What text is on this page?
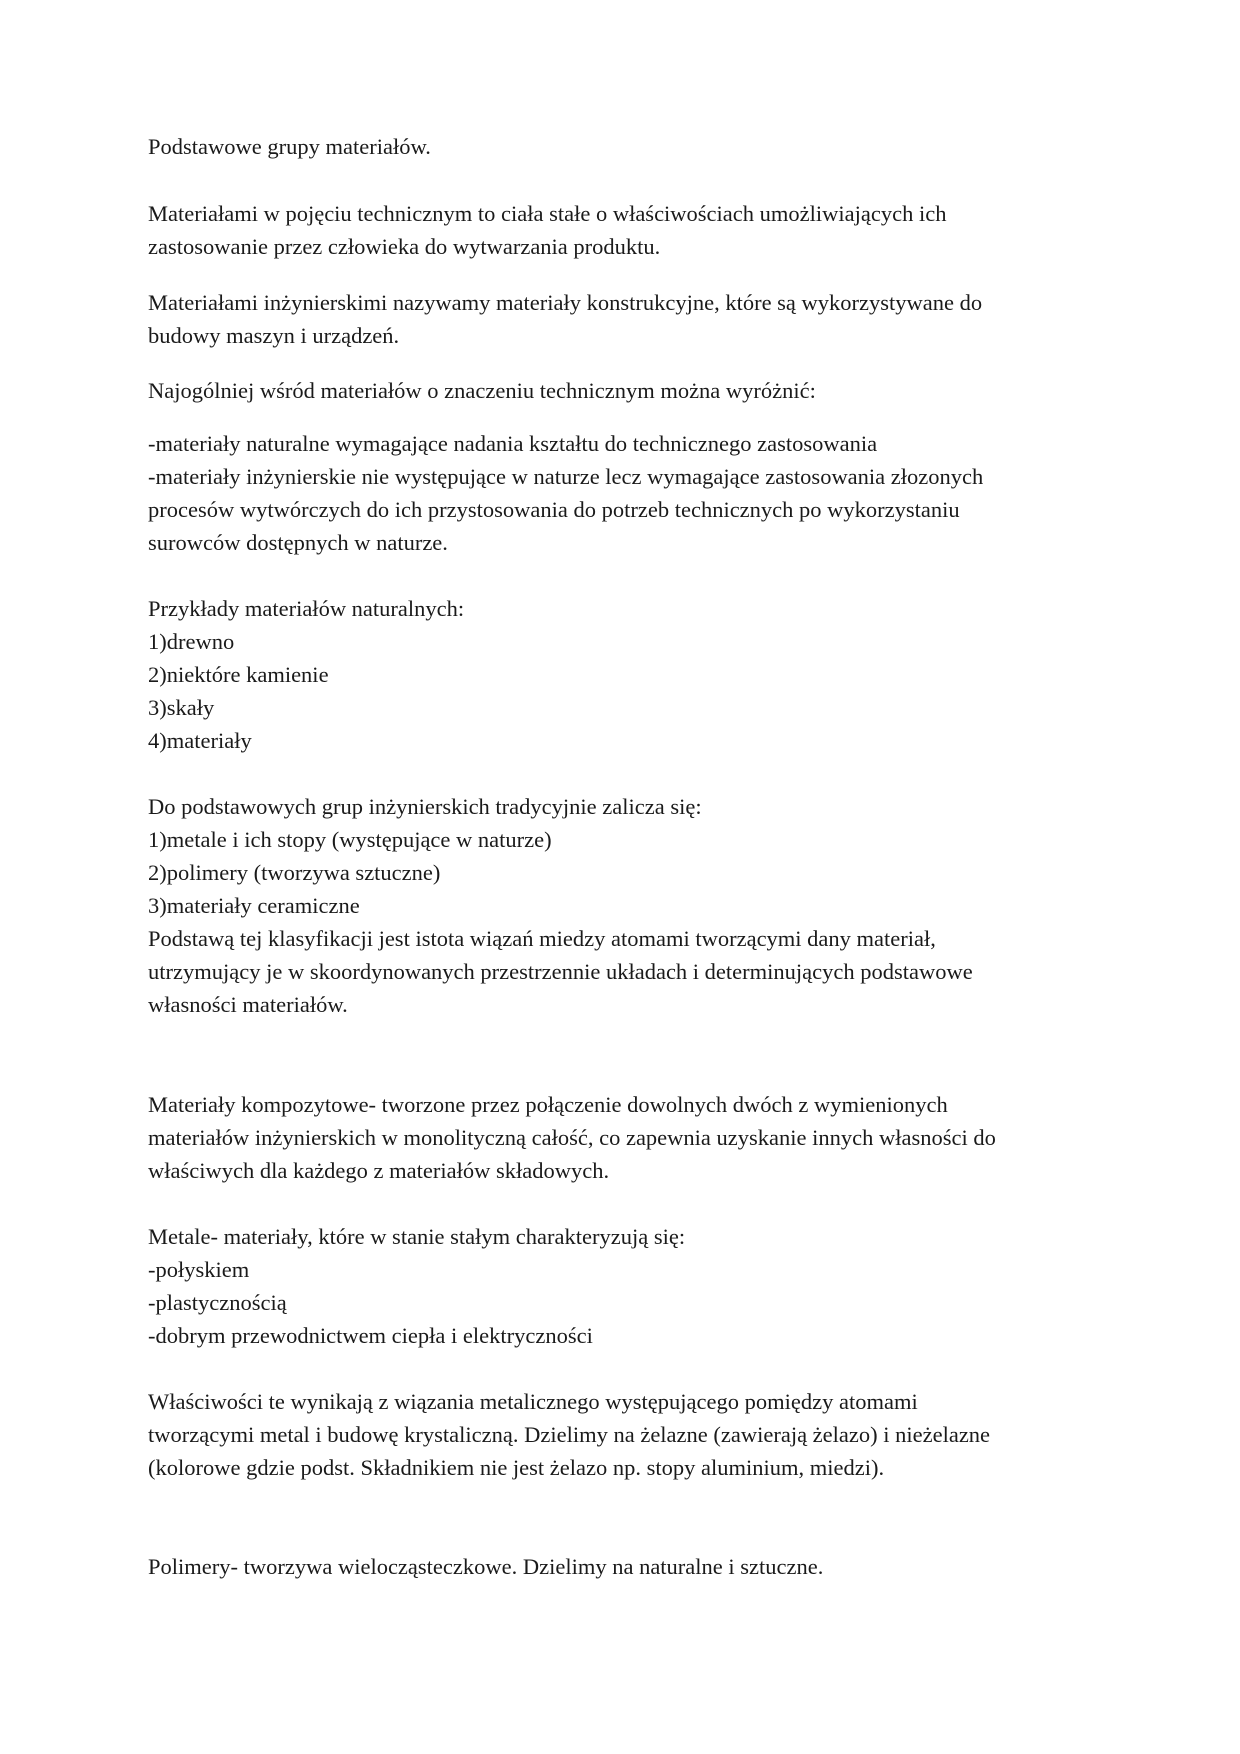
Podstawowe grupy materiałów.

Materiałami w pojęciu technicznym to ciała stałe o właściwościach umożliwiających ich
zastosowanie przez człowieka do wytwarzania produktu.

Materiałami inżynierskimi nazywamy materiały konstrukcyjne, które są wykorzystywane do
budowy maszyn i urządzeń.

Najogólniej wśród materiałów o znaczeniu technicznym można wyróżnić:

-materiały naturalne wymagające nadania kształtu do technicznego zastosowania
-materiały inżynierskie nie występujące w naturze lecz wymagające zastosowania złozonych
procesów wytwórczych do ich przystosowania do potrzeb technicznych po wykorzystaniu
surowców dostępnych w naturze.

Przykłady materiałów naturalnych:
1)drewno
2)niektóre kamienie
3)skały
4)materiały
Do podstawowych grup inżynierskich tradycyjnie zalicza się:
1)metale i ich stopy (występujące w naturze)
2)polimery (tworzywa sztuczne)
3)materiały ceramiczne
Podstawą tej klasyfikacji jest istota wiązań miedzy atomami tworzącymi dany materiał,
utrzymujący je w skoordynowanych przestrzennie układach i determinujących podstawowe
własności materiałów.

Materiały kompozytowe- tworzone przez połączenie dowolnych dwóch z wymienionych
materiałów inżynierskich w monolityczną całość, co zapewnia uzyskanie innych własności do
właściwych dla każdego z materiałów składowych.

Metale- materiały, które w stanie stałym charakteryzują się:
-połyskiem
-plastycznością
-dobrym przewodnictwem ciepła i elektryczności

Właściwości te wynikają z wiązania metalicznego występującego pomiędzy atomami
tworzącymi metal i budowę krystaliczną. Dzielimy na żelazne (zawierają żelazo) i nieżelazne
(kolorowe gdzie podst. Składnikiem nie jest żelazo np. stopy aluminium, miedzi).

Polimery- tworzywa wielocząsteczkowe. Dzielimy na naturalne i sztuczne.
